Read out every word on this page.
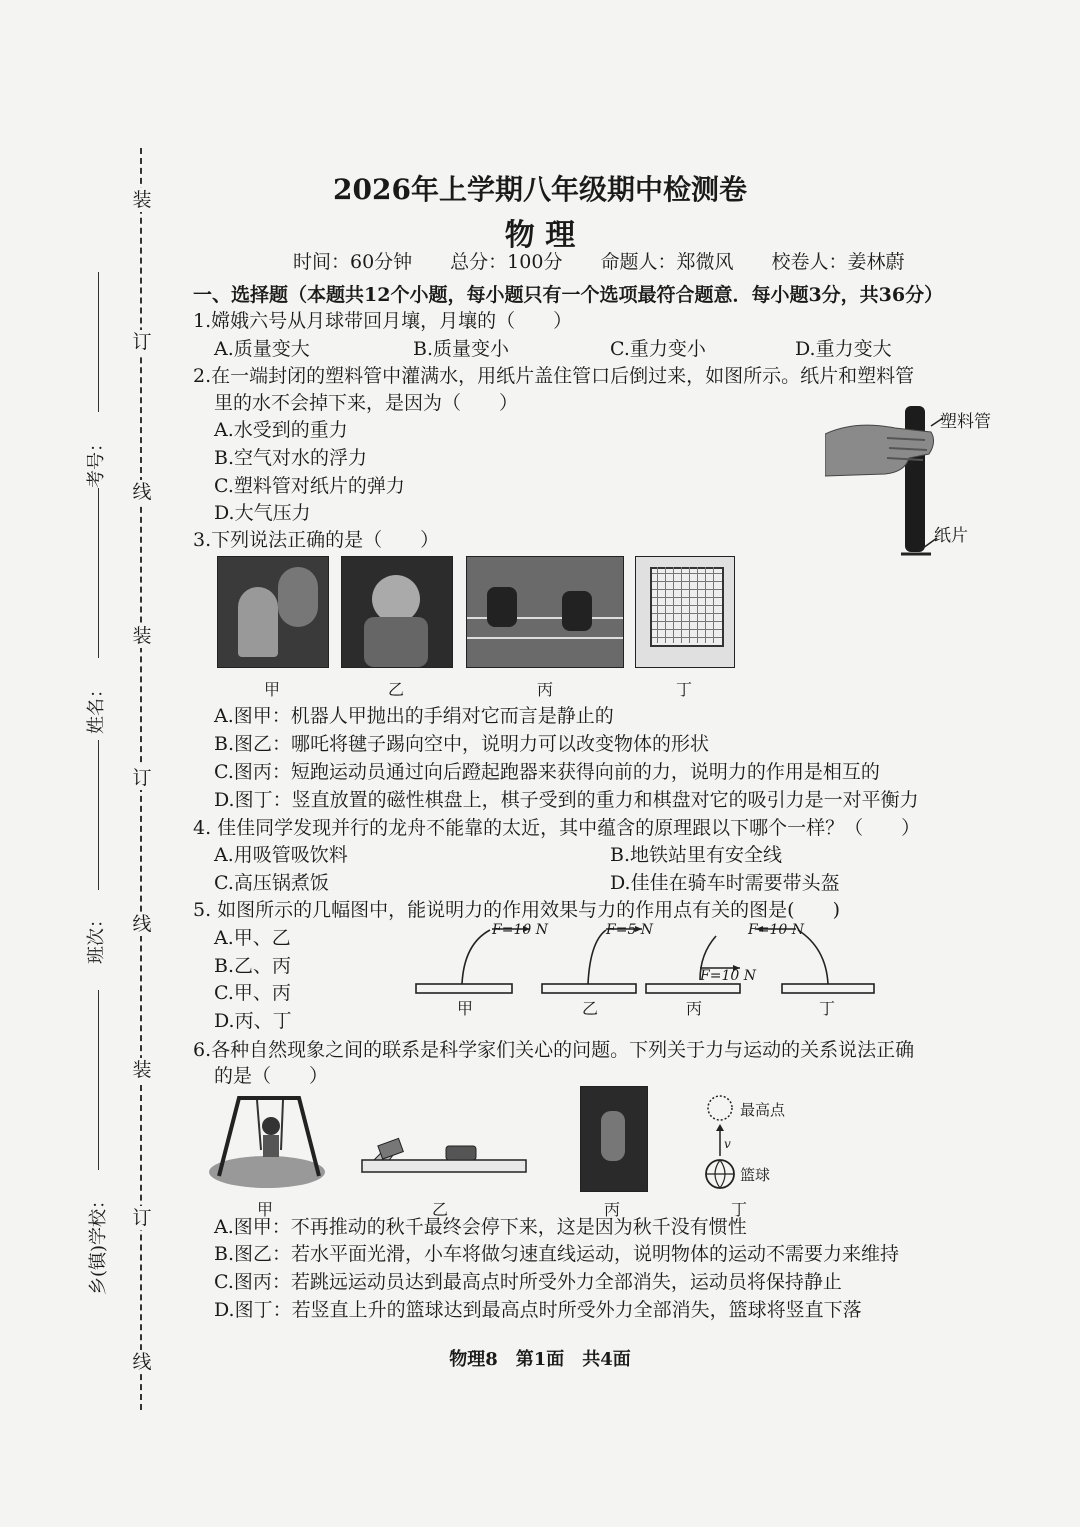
装
订
线
装
订
线
装
订
线
考号：
姓名：
班次：
乡(镇)学校：
2026年上学期八年级期中检测卷
物 理
时间：60分钟　　总分：100分　　命题人：郑微风　　校卷人：姜林蔚
一、选择题（本题共12个小题，每小题只有一个选项最符合题意．每小题3分，共36分）
1.嫦娥六号从月球带回月壤，月壤的（　　）
A.质量变大	B.质量变小	C.重力变小	D.重力变大
2.在一端封闭的塑料管中灌满水，用纸片盖住管口后倒过来，如图所示。纸片和塑料管
里的水不会掉下来，是因为（　　）
A.水受到的重力
B.空气对水的浮力
C.塑料管对纸片的弹力
D.大气压力
塑料管
纸片
3.下列说法正确的是（　　）
甲	乙	丙	丁
A.图甲：机器人甲抛出的手绢对它而言是静止的
B.图乙：哪吒将毽子踢向空中，说明力可以改变物体的形状
C.图丙：短跑运动员通过向后蹬起跑器来获得向前的力，说明力的作用是相互的
D.图丁：竖直放置的磁性棋盘上，棋子受到的重力和棋盘对它的吸引力是一对平衡力
4. 佳佳同学发现并行的龙舟不能靠的太近，其中蕴含的原理跟以下哪个一样？（　　）
A.用吸管吸饮料	B.地铁站里有安全线
C.高压锅煮饭	D.佳佳在骑车时需要带头盔
5. 如图所示的几幅图中，能说明力的作用效果与力的作用点有关的图是(　　)
A.甲、乙
B.乙、丙
C.甲、丙
D.丙、丁
F=10 N	F=5 N
F=10 N
F=10 N
甲	乙	丙	丁
6.各种自然现象之间的联系是科学家们关心的问题。下列关于力与运动的关系说法正确
的是（　　）
最高点
v
篮球
甲	乙	丙	丁
A.图甲：不再推动的秋千最终会停下来，这是因为秋千没有惯性
B.图乙：若水平面光滑，小车将做匀速直线运动，说明物体的运动不需要力来维持
C.图丙：若跳远运动员达到最高点时所受外力全部消失，运动员将保持静止
D.图丁：若竖直上升的篮球达到最高点时所受外力全部消失，篮球将竖直下落
物理8　第1面　共4面
